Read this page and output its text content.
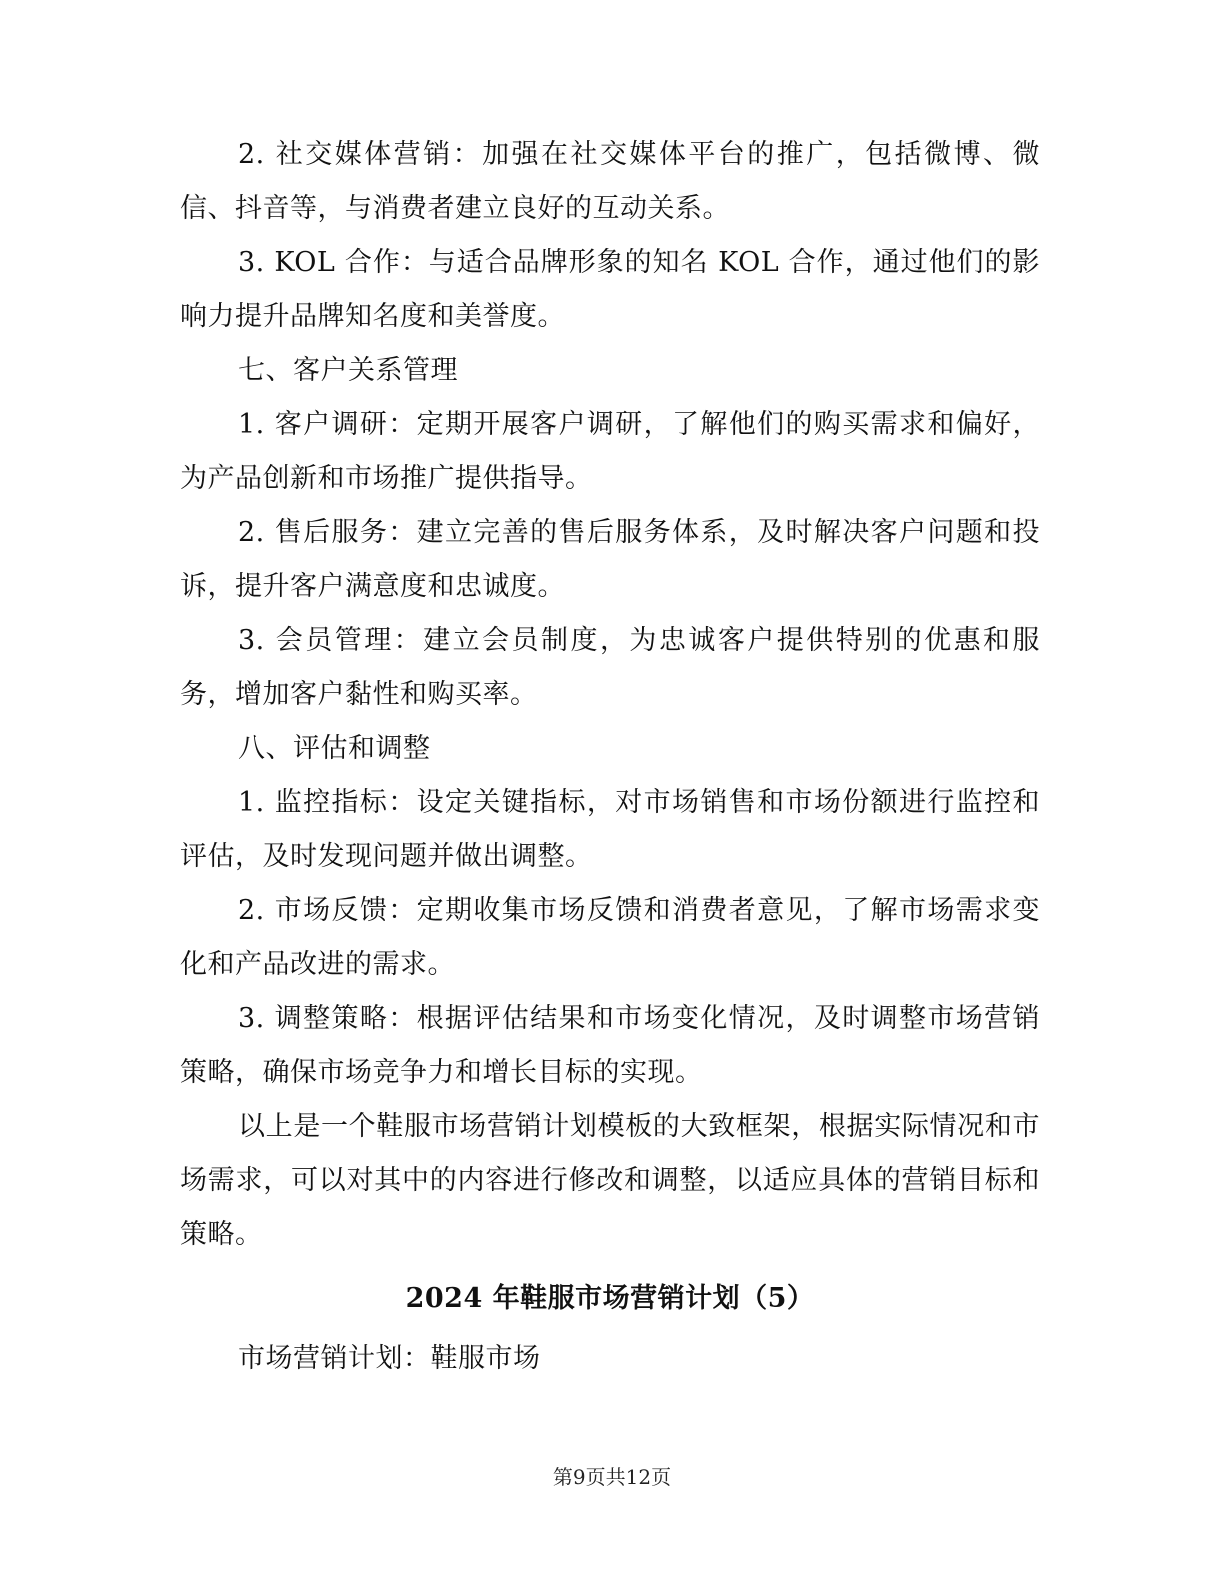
2. 社交媒体营销：加强在社交媒体平台的推广，包括微博、微信、抖音等，与消费者建立良好的互动关系。

3. KOL 合作：与适合品牌形象的知名 KOL 合作，通过他们的影响力提升品牌知名度和美誉度。

七、客户关系管理

1. 客户调研：定期开展客户调研，了解他们的购买需求和偏好，为产品创新和市场推广提供指导。

2. 售后服务：建立完善的售后服务体系，及时解决客户问题和投诉，提升客户满意度和忠诚度。

3. 会员管理：建立会员制度，为忠诚客户提供特别的优惠和服务，增加客户黏性和购买率。

八、评估和调整

1. 监控指标：设定关键指标，对市场销售和市场份额进行监控和评估，及时发现问题并做出调整。

2. 市场反馈：定期收集市场反馈和消费者意见，了解市场需求变化和产品改进的需求。

3. 调整策略：根据评估结果和市场变化情况，及时调整市场营销策略，确保市场竞争力和增长目标的实现。

以上是一个鞋服市场营销计划模板的大致框架，根据实际情况和市场需求，可以对其中的内容进行修改和调整，以适应具体的营销目标和策略。

2024 年鞋服市场营销计划（5）

市场营销计划：鞋服市场

第9页共12页
